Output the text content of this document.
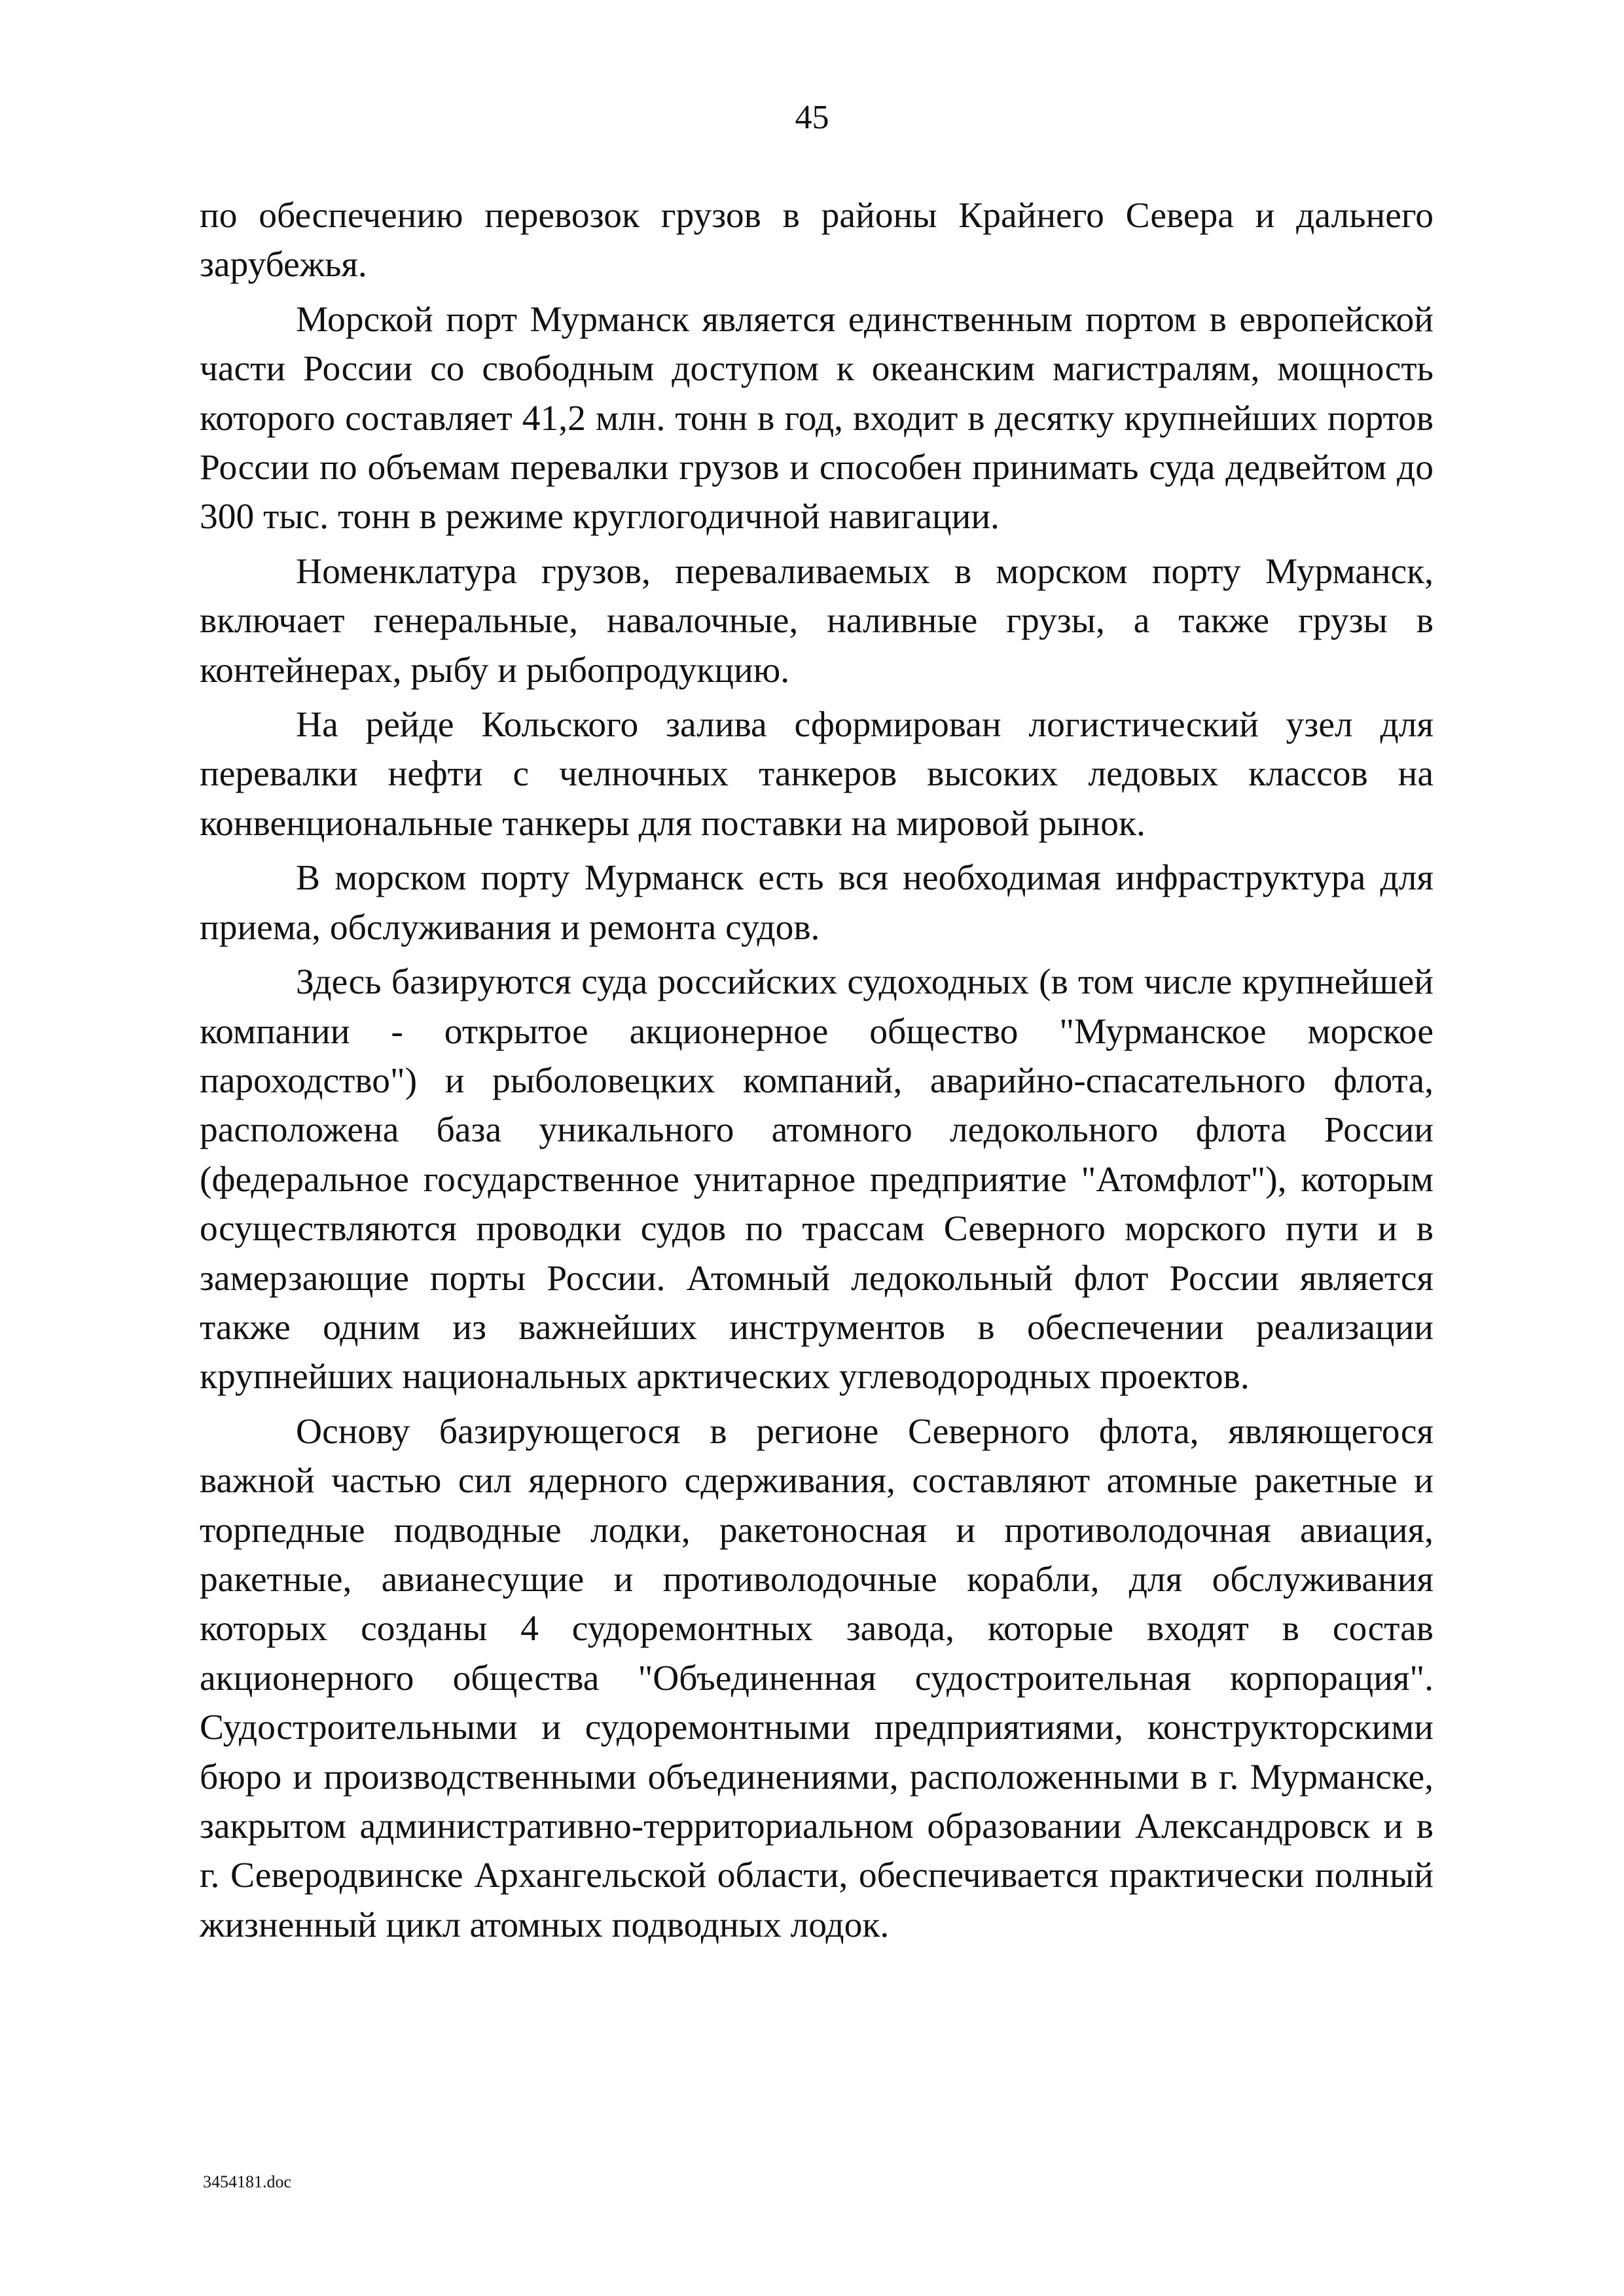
45

по обеспечению перевозок грузов в районы Крайнего Севера и дальнего зарубежья.

Морской порт Мурманск является единственным портом в европейской части России со свободным доступом к океанским магистралям, мощность которого составляет 41,2 млн. тонн в год, входит в десятку крупнейших портов России по объемам перевалки грузов и способен принимать суда дедвейтом до 300 тыс. тонн в режиме круглогодичной навигации.

Номенклатура грузов, переваливаемых в морском порту Мурманск, включает генеральные, навалочные, наливные грузы, а также грузы в контейнерах, рыбу и рыбопродукцию.

На рейде Кольского залива сформирован логистический узел для перевалки нефти с челночных танкеров высоких ледовых классов на конвенциональные танкеры для поставки на мировой рынок.

В морском порту Мурманск есть вся необходимая инфраструктура для приема, обслуживания и ремонта судов.

Здесь базируются суда российских судоходных (в том числе крупнейшей компании - открытое акционерное общество "Мурманское морское пароходство") и рыболовецких компаний, аварийно-спасательного флота, расположена база уникального атомного ледокольного флота России (федеральное государственное унитарное предприятие "Атомфлот"), которым осуществляются проводки судов по трассам Северного морского пути и в замерзающие порты России. Атомный ледокольный флот России является также одним из важнейших инструментов в обеспечении реализации крупнейших национальных арктических углеводородных проектов.

Основу базирующегося в регионе Северного флота, являющегося важной частью сил ядерного сдерживания, составляют атомные ракетные и торпедные подводные лодки, ракетоносная и противолодочная авиация, ракетные, авианесущие и противолодочные корабли, для обслуживания которых созданы 4 судоремонтных завода, которые входят в состав акционерного общества "Объединенная судостроительная корпорация". Судостроительными и судоремонтными предприятиями, конструкторскими бюро и производственными объединениями, расположенными в г. Мурманске, закрытом административно-территориальном образовании Александровск и в г. Северодвинске Архангельской области, обеспечивается практически полный жизненный цикл атомных подводных лодок.

3454181.doc
